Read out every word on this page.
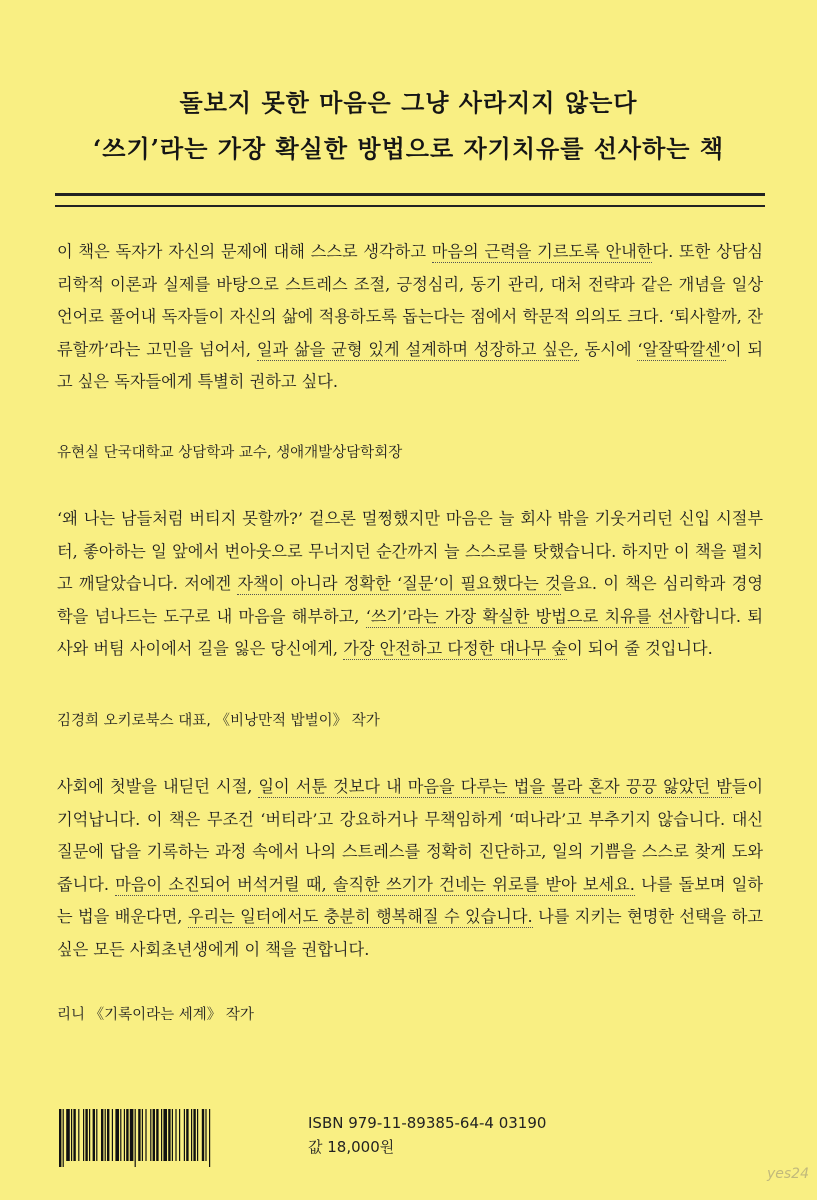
돌보지 못한 마음은 그냥 사라지지 않는다
‘쓰기’라는 가장 확실한 방법으로 자기치유를 선사하는 책
이 책은 독자가 자신의 문제에 대해 스스로 생각하고 마음의 근력을 기르도록 안내한다. 또한 상담심리학적 이론과 실제를 바탕으로 스트레스 조절, 긍정심리, 동기 관리, 대처 전략과 같은 개념을 일상 언어로 풀어내 독자들이 자신의 삶에 적용하도록 돕는다는 점에서 학문적 의의도 크다. ‘퇴사할까, 잔류할까’라는 고민을 넘어서, 일과 삶을 균형 있게 설계하며 성장하고 싶은, 동시에 ‘알잘딱깔센’이 되고 싶은 독자들에게 특별히 권하고 싶다.
유현실 단국대학교 상담학과 교수, 생애개발상담학회장
‘왜 나는 남들처럼 버티지 못할까?’ 겉으론 멀쩡했지만 마음은 늘 회사 밖을 기웃거리던 신입 시절부터, 좋아하는 일 앞에서 번아웃으로 무너지던 순간까지 늘 스스로를 탓했습니다. 하지만 이 책을 펼치고 깨달았습니다. 저에겐 자책이 아니라 정확한 ‘질문’이 필요했다는 것을요. 이 책은 심리학과 경영학을 넘나드는 도구로 내 마음을 해부하고, ‘쓰기’라는 가장 확실한 방법으로 치유를 선사합니다. 퇴사와 버팀 사이에서 길을 잃은 당신에게, 가장 안전하고 다정한 대나무 숲이 되어 줄 것입니다.
김경희 오키로북스 대표, 《비낭만적 밥벌이》 작가
사회에 첫발을 내딛던 시절, 일이 서툰 것보다 내 마음을 다루는 법을 몰라 혼자 끙끙 앓았던 밤들이 기억납니다. 이 책은 무조건 ‘버티라’고 강요하거나 무책임하게 ‘떠나라’고 부추기지 않습니다. 대신 질문에 답을 기록하는 과정 속에서 나의 스트레스를 정확히 진단하고, 일의 기쁨을 스스로 찾게 도와줍니다. 마음이 소진되어 버석거릴 때, 솔직한 쓰기가 건네는 위로를 받아 보세요. 나를 돌보며 일하는 법을 배운다면, 우리는 일터에서도 충분히 행복해질 수 있습니다. 나를 지키는 현명한 선택을 하고 싶은 모든 사회초년생에게 이 책을 권합니다.
리니 《기록이라는 세계》 작가
ISBN 979-11-89385-64-4 03190
값 18,000원
yes24
